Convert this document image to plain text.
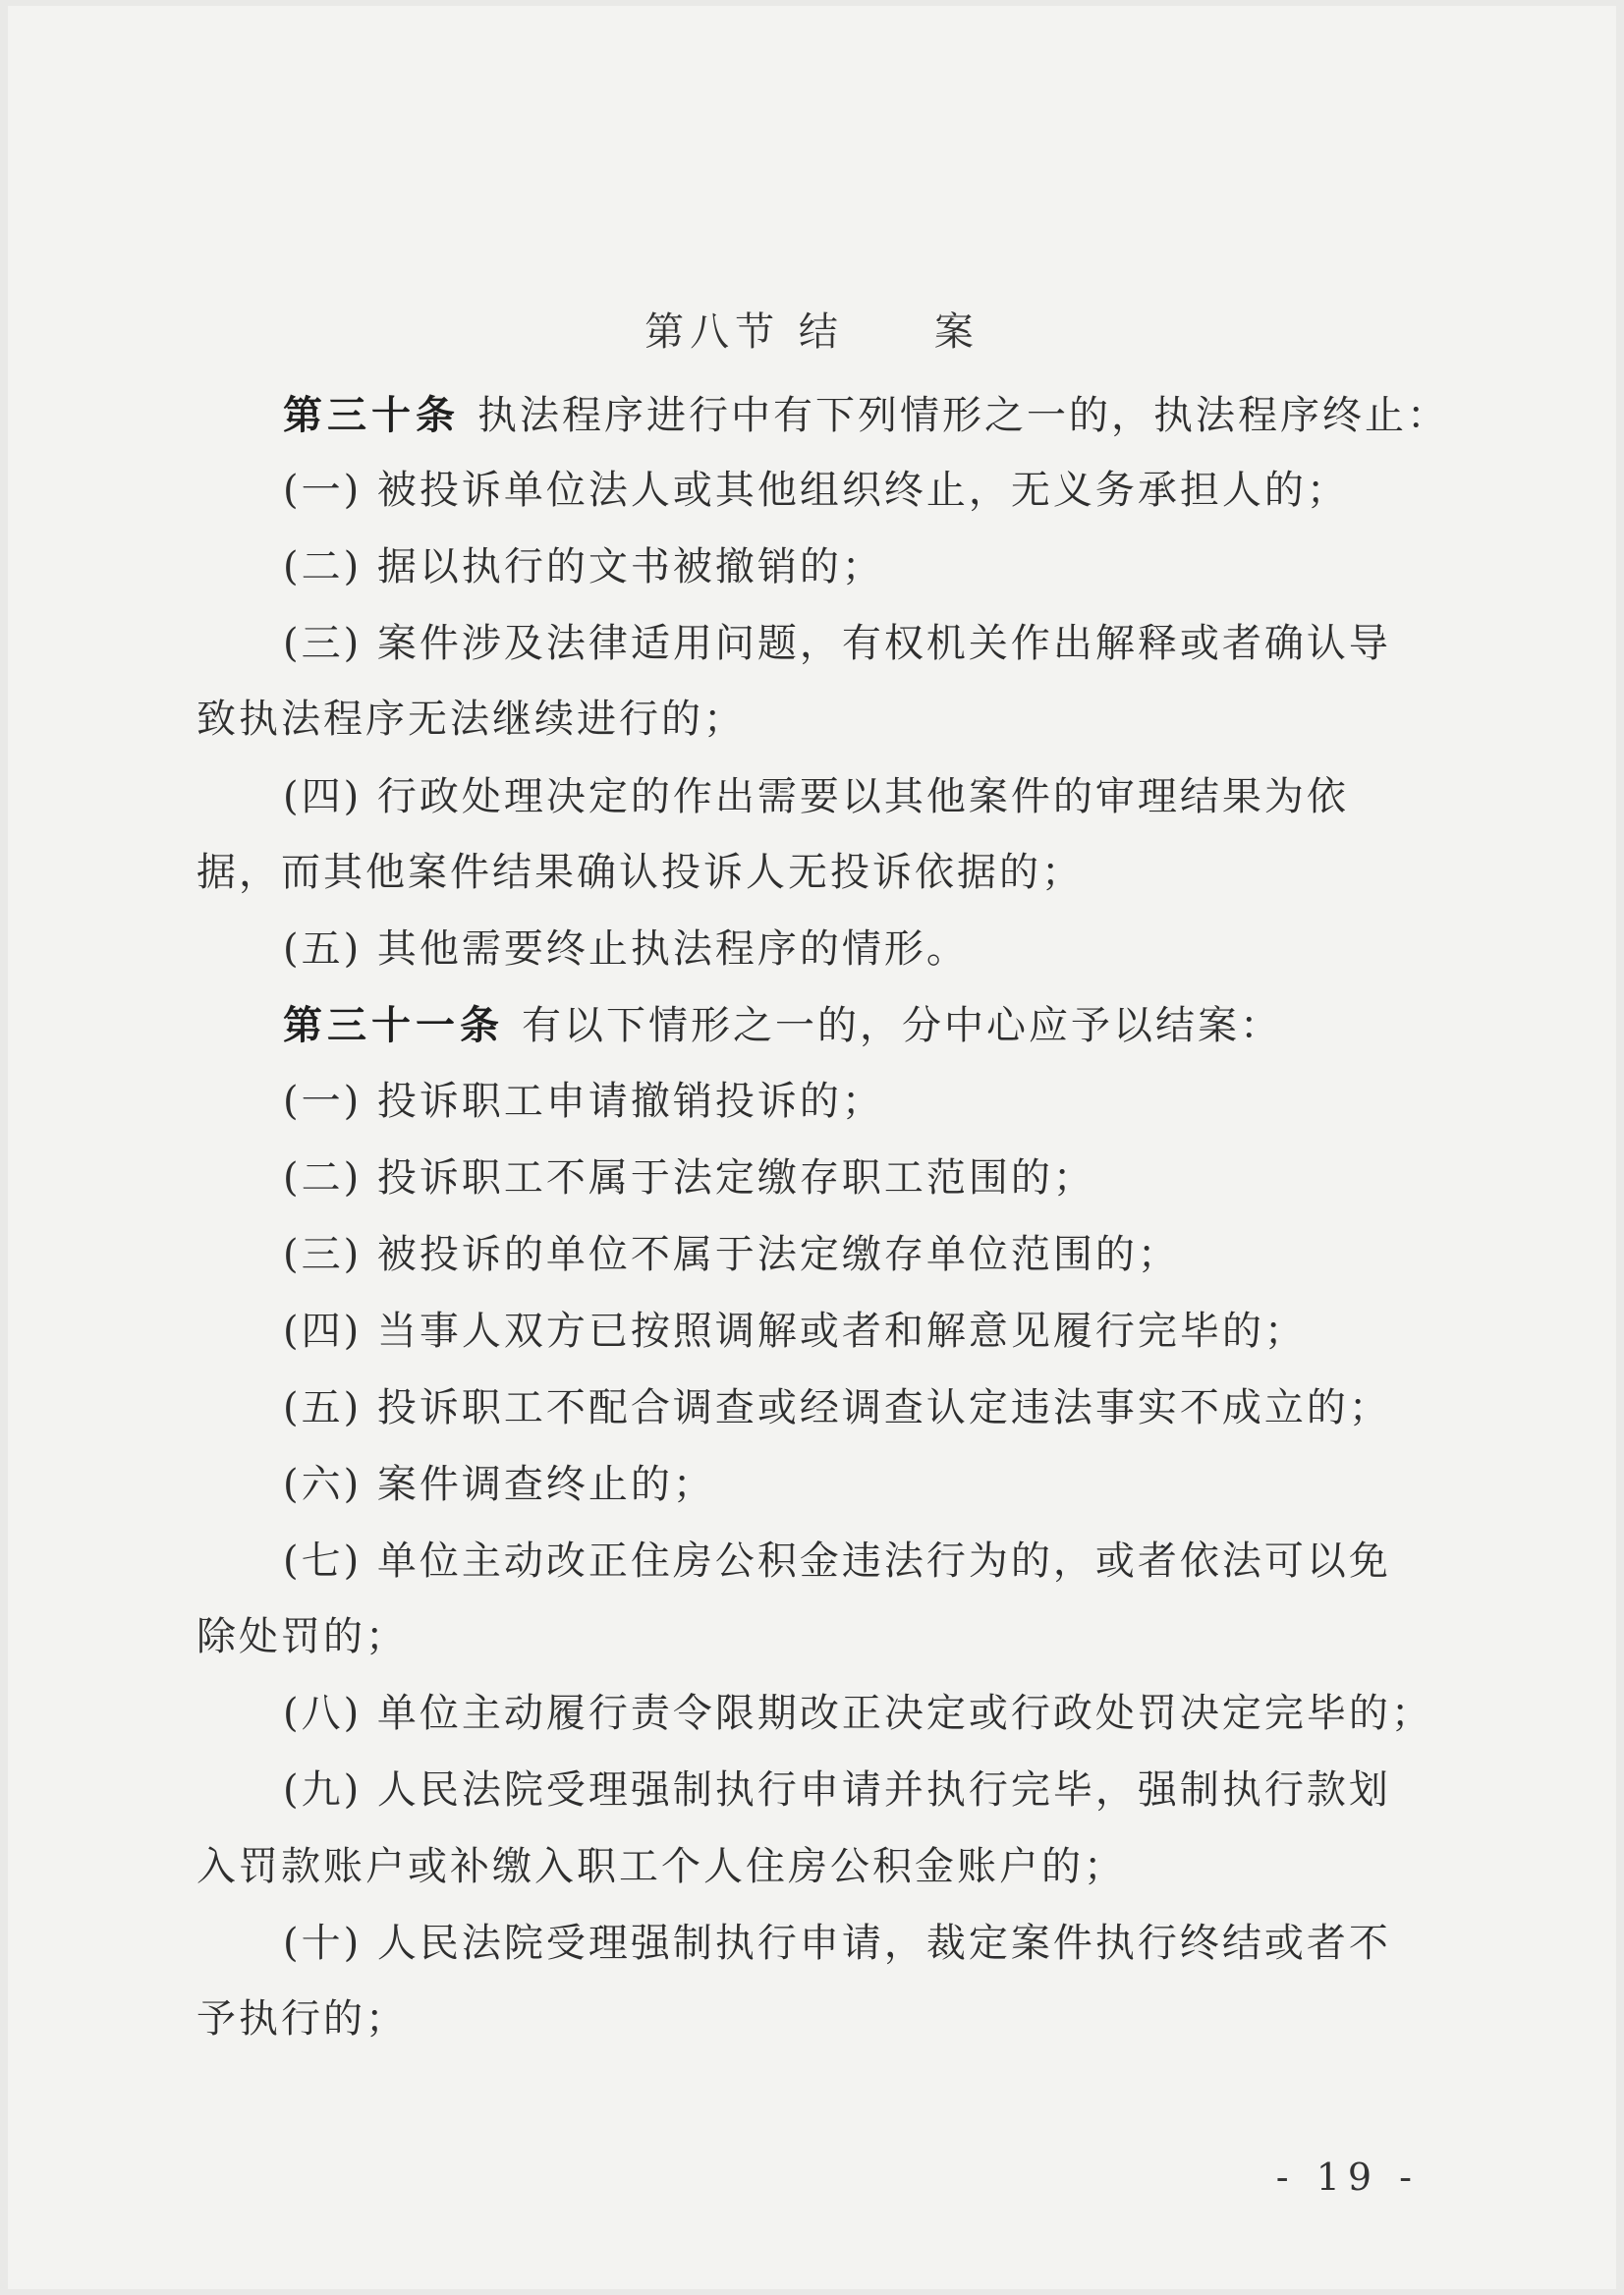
第八节 结 案
第三十条 执法程序进行中有下列情形之一的，执法程序终止：
(一) 被投诉单位法人或其他组织终止，无义务承担人的；
(二) 据以执行的文书被撤销的；
(三) 案件涉及法律适用问题，有权机关作出解释或者确认导
致执法程序无法继续进行的；
(四) 行政处理决定的作出需要以其他案件的审理结果为依
据，而其他案件结果确认投诉人无投诉依据的；
(五) 其他需要终止执法程序的情形。
第三十一条 有以下情形之一的，分中心应予以结案：
(一) 投诉职工申请撤销投诉的；
(二) 投诉职工不属于法定缴存职工范围的；
(三) 被投诉的单位不属于法定缴存单位范围的；
(四) 当事人双方已按照调解或者和解意见履行完毕的；
(五) 投诉职工不配合调查或经调查认定违法事实不成立的；
(六) 案件调查终止的；
(七) 单位主动改正住房公积金违法行为的，或者依法可以免
除处罚的；
(八) 单位主动履行责令限期改正决定或行政处罚决定完毕的；
(九) 人民法院受理强制执行申请并执行完毕，强制执行款划
入罚款账户或补缴入职工个人住房公积金账户的；
(十) 人民法院受理强制执行申请，裁定案件执行终结或者不
予执行的；
- 19 -
